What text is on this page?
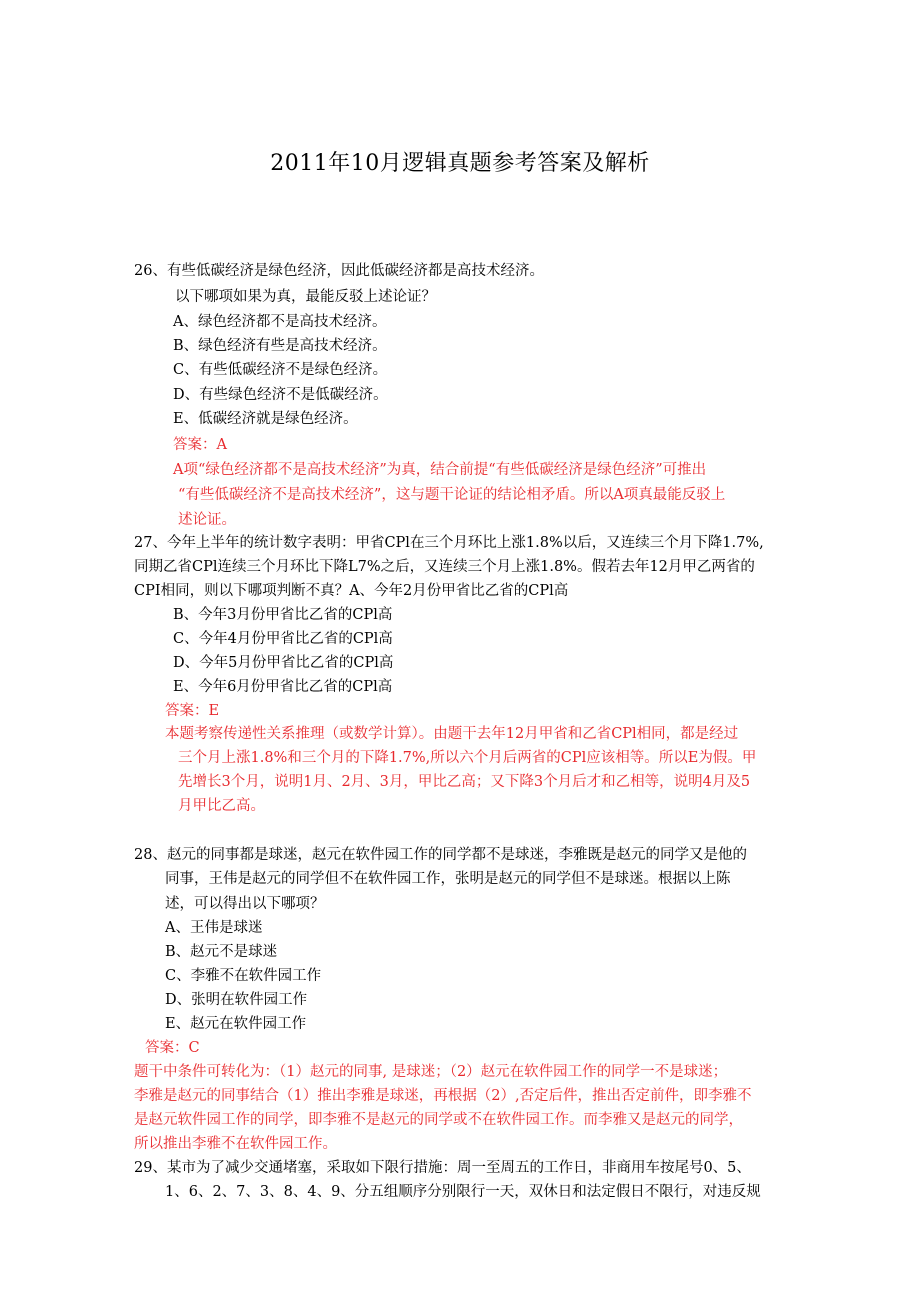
2011年10月逻辑真题参考答案及解析
26、有些低碳经济是绿色经济，因此低碳经济都是高技术经济。
以下哪项如果为真，最能反驳上述论证？
A、绿色经济都不是高技术经济。
B、绿色经济有些是高技术经济。
C、有些低碳经济不是绿色经济。
D、有些绿色经济不是低碳经济。
E、低碳经济就是绿色经济。
答案：A
A项“绿色经济都不是高技术经济”为真，结合前提“有些低碳经济是绿色经济”可推出
“有些低碳经济不是高技术经济”，这与题干论证的结论相矛盾。所以A项真最能反驳上
述论证。
27、今年上半年的统计数字表明：甲省CPl在三个月环比上涨1.8%以后，又连续三个月下降1.7%,
同期乙省CPl连续三个月环比下降L7%之后，又连续三个月上涨1.8%。假若去年12月甲乙两省的
CPI相同，则以下哪项判断不真？A、今年2月份甲省比乙省的CPl高
B、今年3月份甲省比乙省的CPl高
C、今年4月份甲省比乙省的CPl高
D、今年5月份甲省比乙省的CPl高
E、今年6月份甲省比乙省的CPl高
答案：E
本题考察传递性关系推理（或数学计算）。由题干去年12月甲省和乙省CPl相同，都是经过
三个月上涨1.8%和三个月的下降1.7%,所以六个月后两省的CPl应该相等。所以E为假。甲
先增长3个月，说明1月、2月、3月，甲比乙高；又下降3个月后才和乙相等，说明4月及5
月甲比乙高。
28、赵元的同事都是球迷，赵元在软件园工作的同学都不是球迷，李雅既是赵元的同学又是他的
同事，王伟是赵元的同学但不在软件园工作，张明是赵元的同学但不是球迷。根据以上陈
述，可以得出以下哪项？
A、王伟是球迷
B、赵元不是球迷
C、李雅不在软件园工作
D、张明在软件园工作
E、赵元在软件园工作
答案：C
题干中条件可转化为：（1）赵元的同事, 是球迷；（2）赵元在软件园工作的同学一不是球迷；
李雅是赵元的同事结合（1）推出李雅是球迷，再根据（2）,否定后件，推出否定前件，即李雅不
是赵元软件园工作的同学，即李雅不是赵元的同学或不在软件园工作。而李雅又是赵元的同学，
所以推出李雅不在软件园工作。
29、某市为了减少交通堵塞，采取如下限行措施：周一至周五的工作日，非商用车按尾号0、5、
1、6、2、7、3、8、4、9、分五组顺序分别限行一天，双休日和法定假日不限行，对违反规
